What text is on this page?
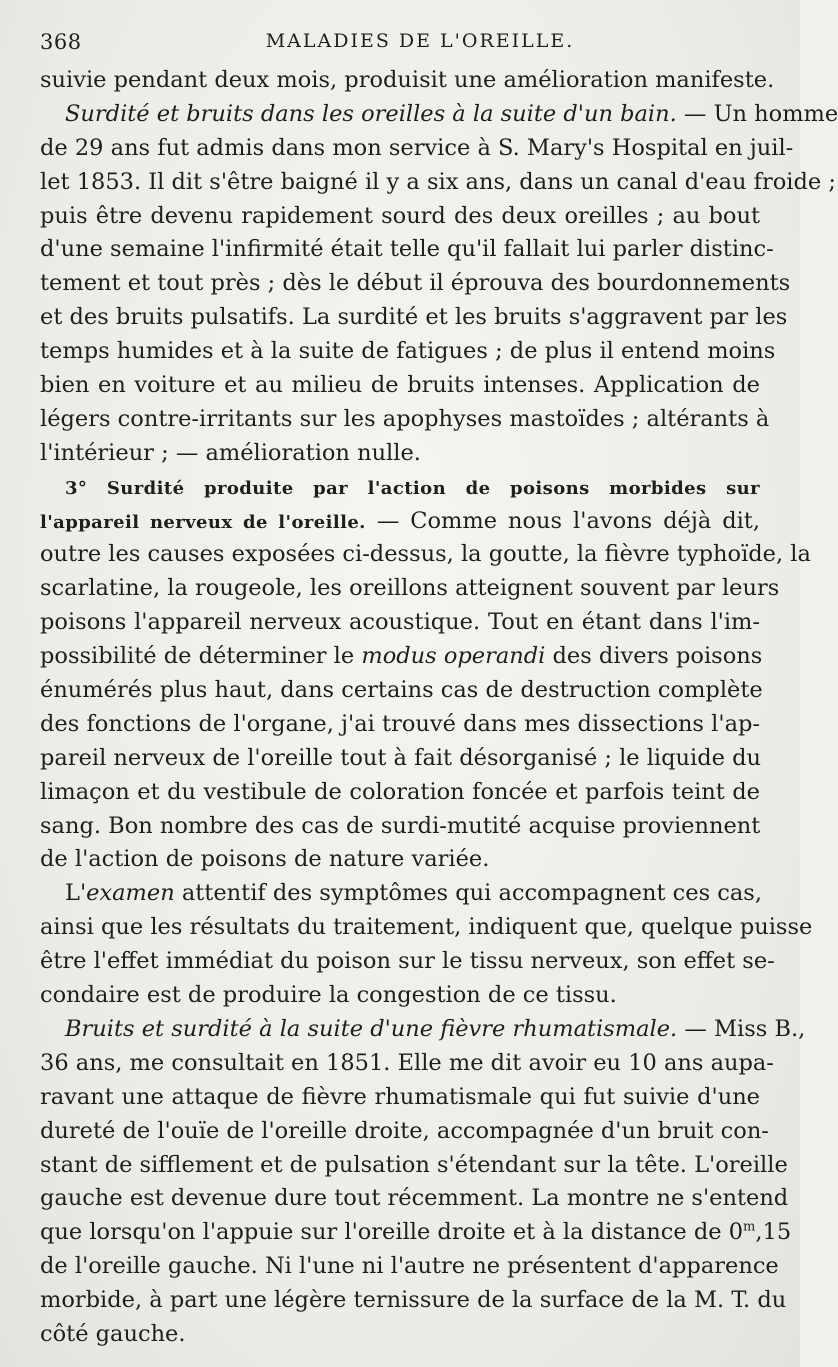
368	MALADIES DE L'OREILLE.
suivie pendant deux mois, produisit une amélioration manifeste.
Surdité et bruits dans les oreilles à la suite d'un bain. — Un homme
de 29 ans fut admis dans mon service à S. Mary's Hospital en juil-
let 1853. Il dit s'être baigné il y a six ans, dans un canal d'eau froide ;
puis être devenu rapidement sourd des deux oreilles ; au bout
d'une semaine l'infirmité était telle qu'il fallait lui parler distinc-
tement et tout près ; dès le début il éprouva des bourdonnements
et des bruits pulsatifs. La surdité et les bruits s'aggravent par les
temps humides et à la suite de fatigues ; de plus il entend moins
bien en voiture et au milieu de bruits intenses. Application de
légers contre-irritants sur les apophyses mastoïdes ; altérants à
l'intérieur ; — amélioration nulle.
3° Surdité produite par l'action de poisons morbides sur
l'appareil nerveux de l'oreille. — Comme nous l'avons déjà dit,
outre les causes exposées ci-dessus, la goutte, la fièvre typhoïde, la
scarlatine, la rougeole, les oreillons atteignent souvent par leurs
poisons l'appareil nerveux acoustique. Tout en étant dans l'im-
possibilité de déterminer le modus operandi des divers poisons
énumérés plus haut, dans certains cas de destruction complète
des fonctions de l'organe, j'ai trouvé dans mes dissections l'ap-
pareil nerveux de l'oreille tout à fait désorganisé ; le liquide du
limaçon et du vestibule de coloration foncée et parfois teint de
sang. Bon nombre des cas de surdi-mutité acquise proviennent
de l'action de poisons de nature variée.
L'examen attentif des symptômes qui accompagnent ces cas,
ainsi que les résultats du traitement, indiquent que, quelque puisse
être l'effet immédiat du poison sur le tissu nerveux, son effet se-
condaire est de produire la congestion de ce tissu.
Bruits et surdité à la suite d'une fièvre rhumatismale. — Miss B.,
36 ans, me consultait en 1851. Elle me dit avoir eu 10 ans aupa-
ravant une attaque de fièvre rhumatismale qui fut suivie d'une
dureté de l'ouïe de l'oreille droite, accompagnée d'un bruit con-
stant de sifflement et de pulsation s'étendant sur la tête. L'oreille
gauche est devenue dure tout récemment. La montre ne s'entend
que lorsqu'on l'appuie sur l'oreille droite et à la distance de 0$^m$,15
de l'oreille gauche. Ni l'une ni l'autre ne présentent d'apparence
morbide, à part une légère ternissure de la surface de la M. T. du
côté gauche.
